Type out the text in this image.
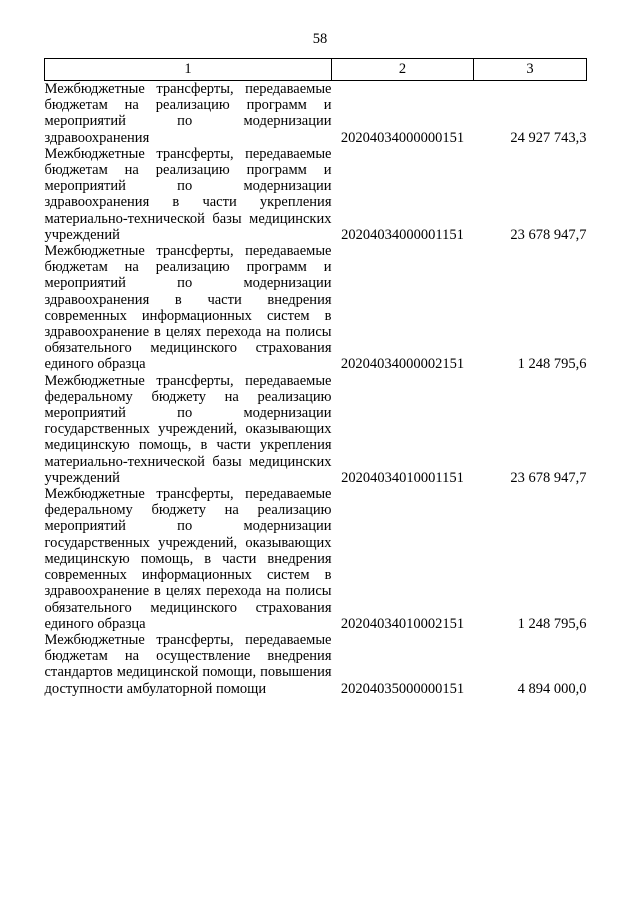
58
1	2	3
Межбюджетные трансферты, передаваемые бюджетам на реализацию программ и мероприятий по модернизации здравоохранения	20204034000000151	24 927 743,3
Межбюджетные трансферты, передаваемые бюджетам на реализацию программ и мероприятий по модернизации здравоохранения в части укрепления материально-технической базы медицинских учреждений	20204034000001151	23 678 947,7
Межбюджетные трансферты, передаваемые бюджетам на реализацию программ и мероприятий по модернизации здравоохранения в части внедрения современных информационных систем в здравоохранение в целях перехода на полисы обязательного медицинского страхования единого образца	20204034000002151	1 248 795,6
Межбюджетные трансферты, передаваемые федеральному бюджету на реализацию мероприятий по модернизации государственных учреждений, оказывающих медицинскую помощь, в части укрепления материально-технической базы медицинских учреждений	20204034010001151	23 678 947,7
Межбюджетные трансферты, передаваемые федеральному бюджету на реализацию мероприятий по модернизации государственных учреждений, оказывающих медицинскую помощь, в части внедрения современных информационных систем в здравоохранение в целях перехода на полисы обязательного медицинского страхования единого образца	20204034010002151	1 248 795,6
Межбюджетные трансферты, передаваемые бюджетам на осуществление внедрения стандартов медицинской помощи, повышения доступности амбулаторной помощи	20204035000000151	4 894 000,0
